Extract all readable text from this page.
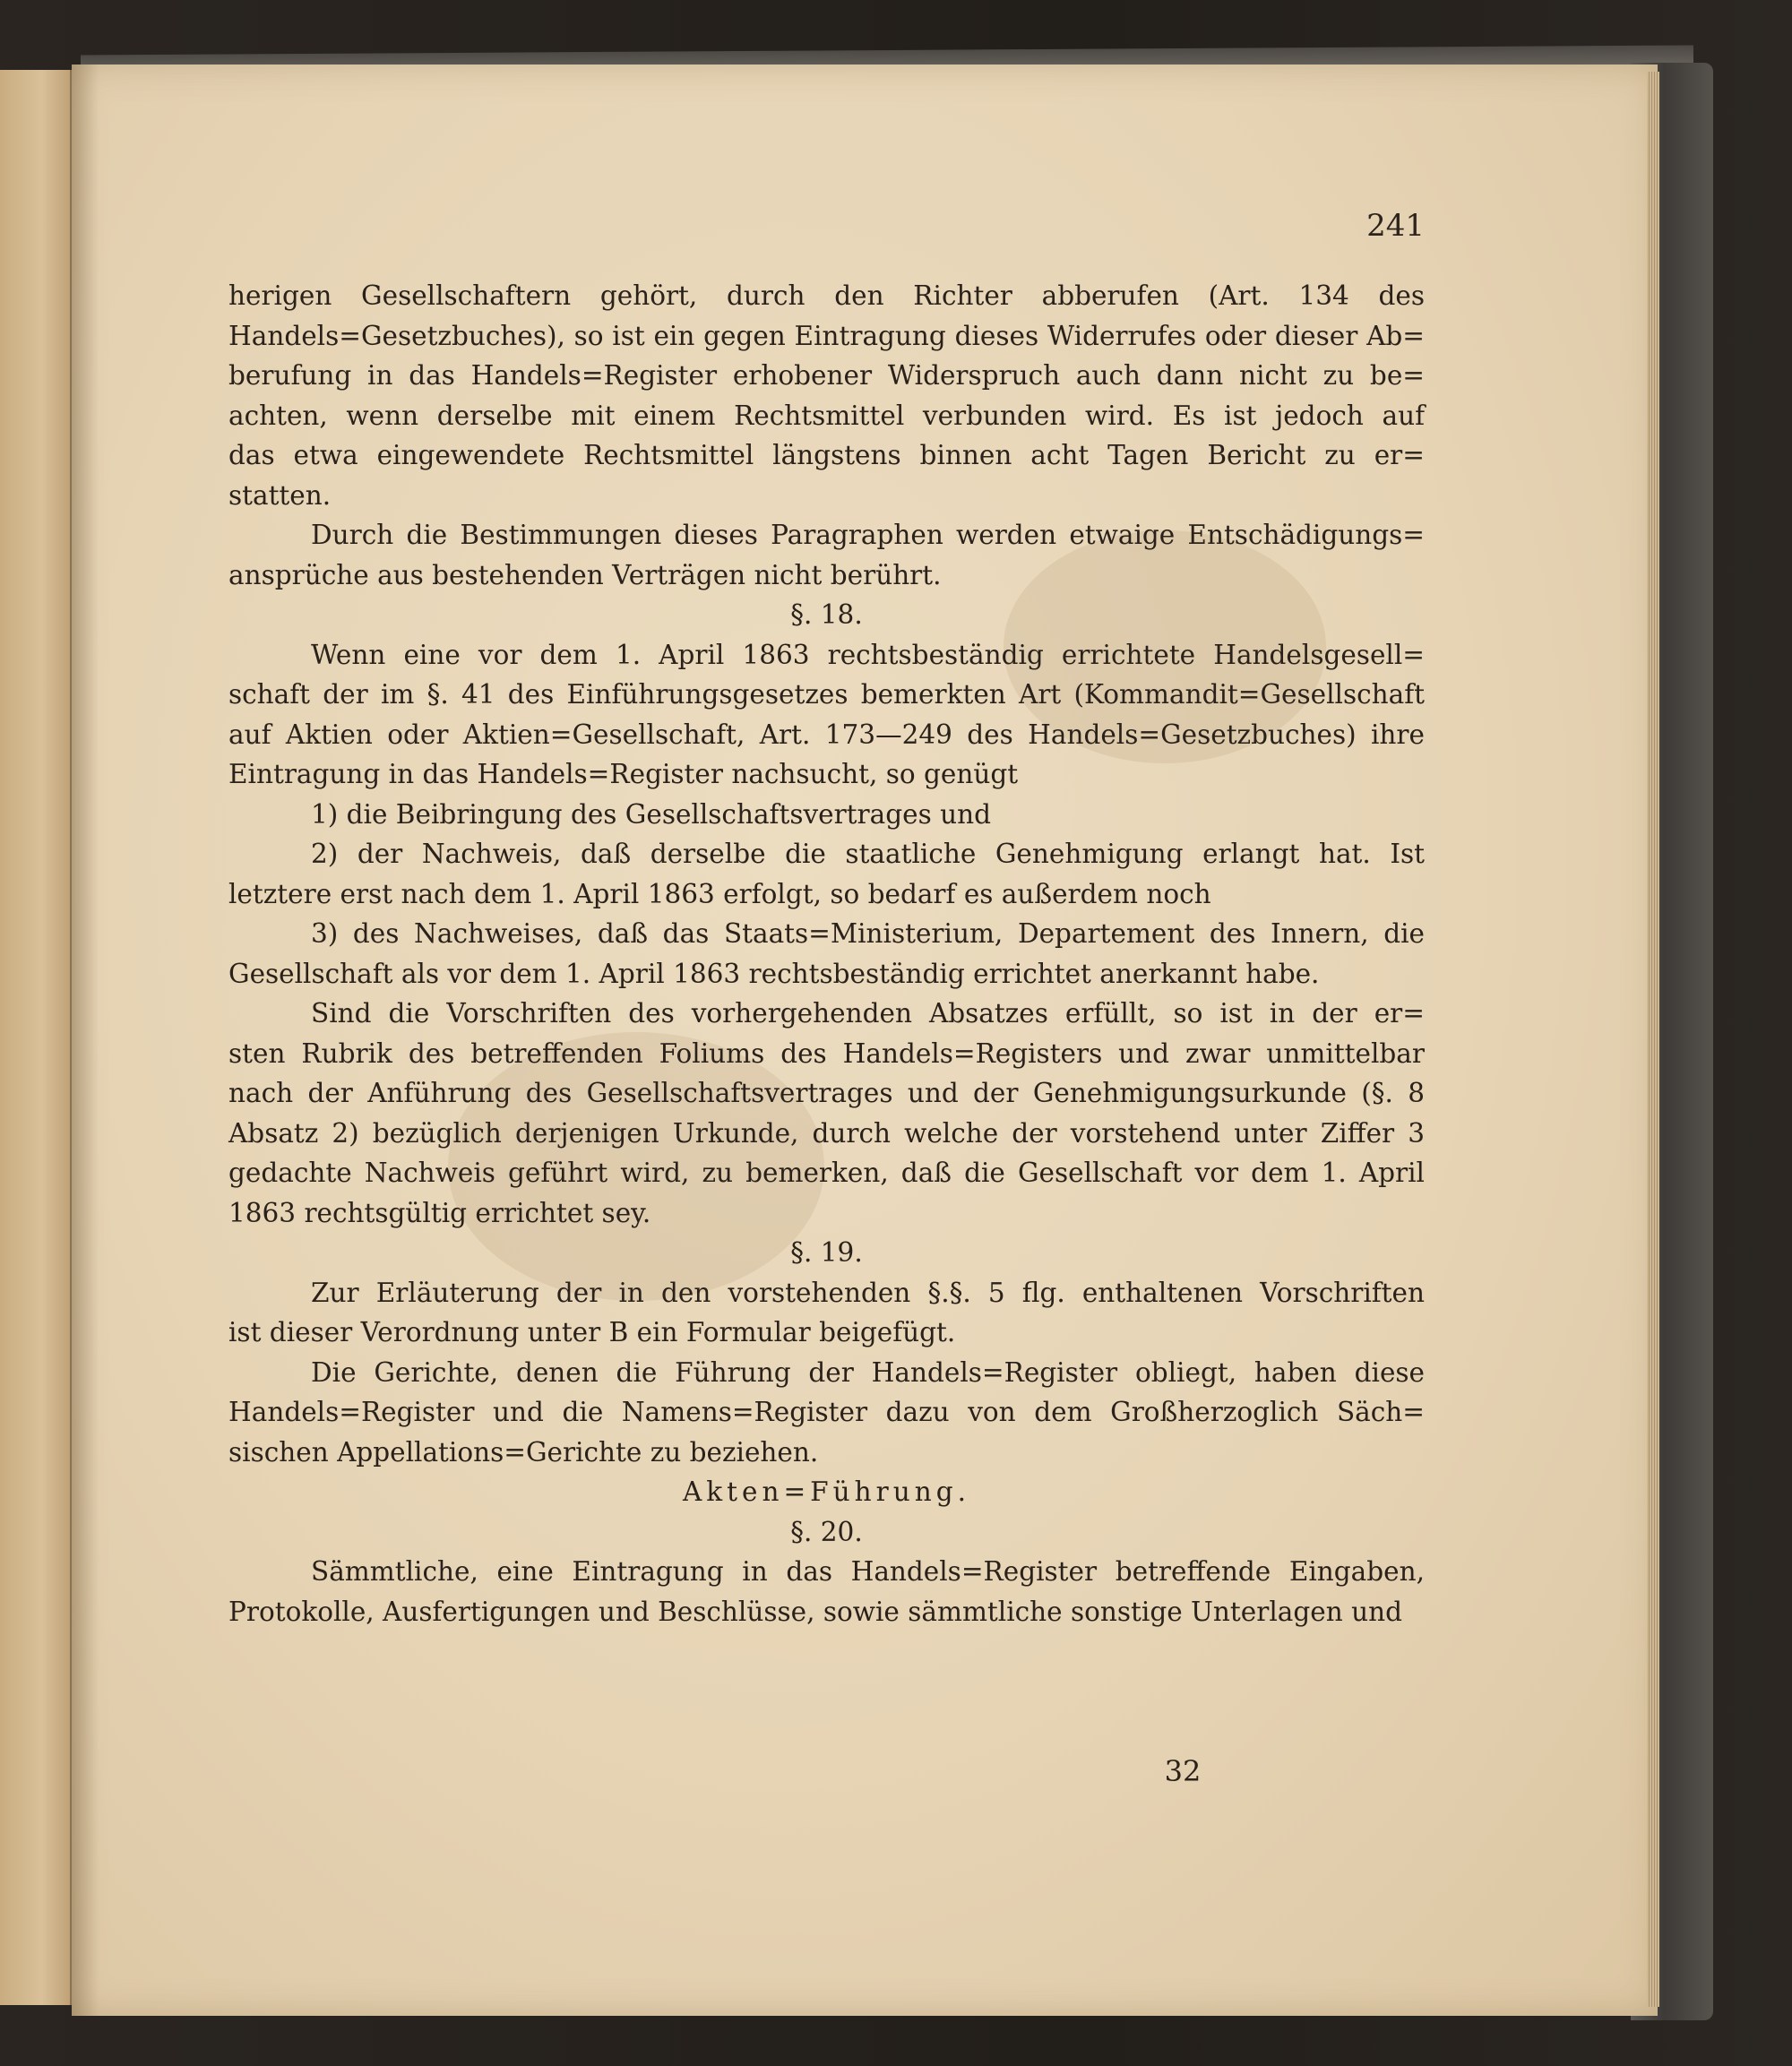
241
herigen Gesellschaftern gehört, durch den Richter abberufen (Art. 134 des
Handels=Gesetzbuches), so ist ein gegen Eintragung dieses Widerrufes oder dieser Ab=
berufung in das Handels=Register erhobener Widerspruch auch dann nicht zu be=
achten, wenn derselbe mit einem Rechtsmittel verbunden wird. Es ist jedoch auf
das etwa eingewendete Rechtsmittel längstens binnen acht Tagen Bericht zu er=
statten.
Durch die Bestimmungen dieses Paragraphen werden etwaige Entschädigungs=
ansprüche aus bestehenden Verträgen nicht berührt.
§. 18.
Wenn eine vor dem 1. April 1863 rechtsbeständig errichtete Handelsgesell=
schaft der im §. 41 des Einführungsgesetzes bemerkten Art (Kommandit=Gesellschaft
auf Aktien oder Aktien=Gesellschaft, Art. 173—249 des Handels=Gesetzbuches) ihre
Eintragung in das Handels=Register nachsucht, so genügt
1) die Beibringung des Gesellschaftsvertrages und
2) der Nachweis, daß derselbe die staatliche Genehmigung erlangt hat. Ist
letztere erst nach dem 1. April 1863 erfolgt, so bedarf es außerdem noch
3) des Nachweises, daß das Staats=Ministerium, Departement des Innern, die
Gesellschaft als vor dem 1. April 1863 rechtsbeständig errichtet anerkannt habe.
Sind die Vorschriften des vorhergehenden Absatzes erfüllt, so ist in der er=
sten Rubrik des betreffenden Foliums des Handels=Registers und zwar unmittelbar
nach der Anführung des Gesellschaftsvertrages und der Genehmigungsurkunde (§. 8
Absatz 2) bezüglich derjenigen Urkunde, durch welche der vorstehend unter Ziffer 3
gedachte Nachweis geführt wird, zu bemerken, daß die Gesellschaft vor dem 1. April
1863 rechtsgültig errichtet sey.
§. 19.
Zur Erläuterung der in den vorstehenden §.§. 5 flg. enthaltenen Vorschriften
ist dieser Verordnung unter B ein Formular beigefügt.
Die Gerichte, denen die Führung der Handels=Register obliegt, haben diese
Handels=Register und die Namens=Register dazu von dem Großherzoglich Säch=
sischen Appellations=Gerichte zu beziehen.
Akten=Führung.
§. 20.
Sämmtliche, eine Eintragung in das Handels=Register betreffende Eingaben,
Protokolle, Ausfertigungen und Beschlüsse, sowie sämmtliche sonstige Unterlagen und
32
